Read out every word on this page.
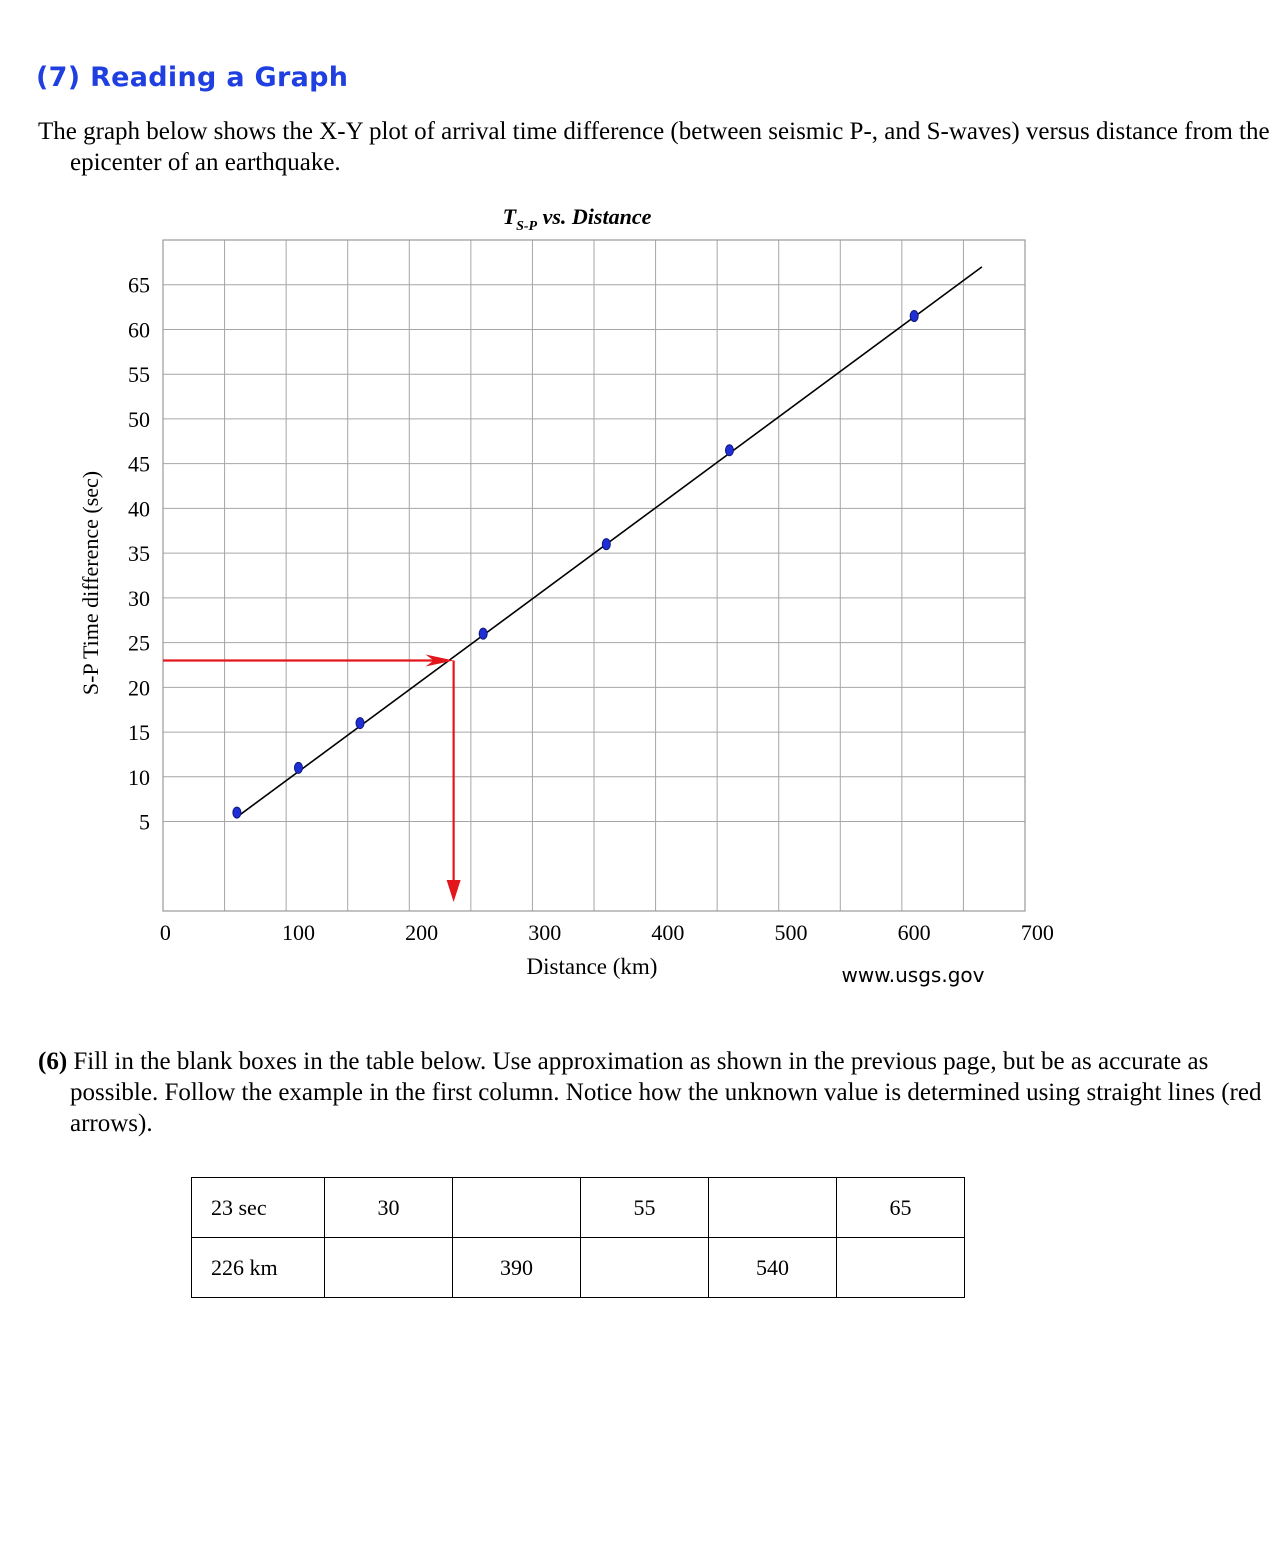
(7) Reading a Graph

The graph below shows the X-Y plot of arrival time difference (between seismic P-, and S-waves) versus distance from the epicenter of an earthquake.

$T_{S-P}$ vs. Distance
5
10
15
20
25
30
35
40
45
50
55
60
65
0	100	200	300	400	500	600	700
S-P Time difference (sec)
Distance (km)	www.usgs.gov

(6) Fill in the blank boxes in the table below. Use approximation as shown in the previous page, but be as accurate as possible. Follow the example in the first column. Notice how the unknown value is determined using straight lines (red arrows).

23 sec	30		55		65
226 km		390		540	
